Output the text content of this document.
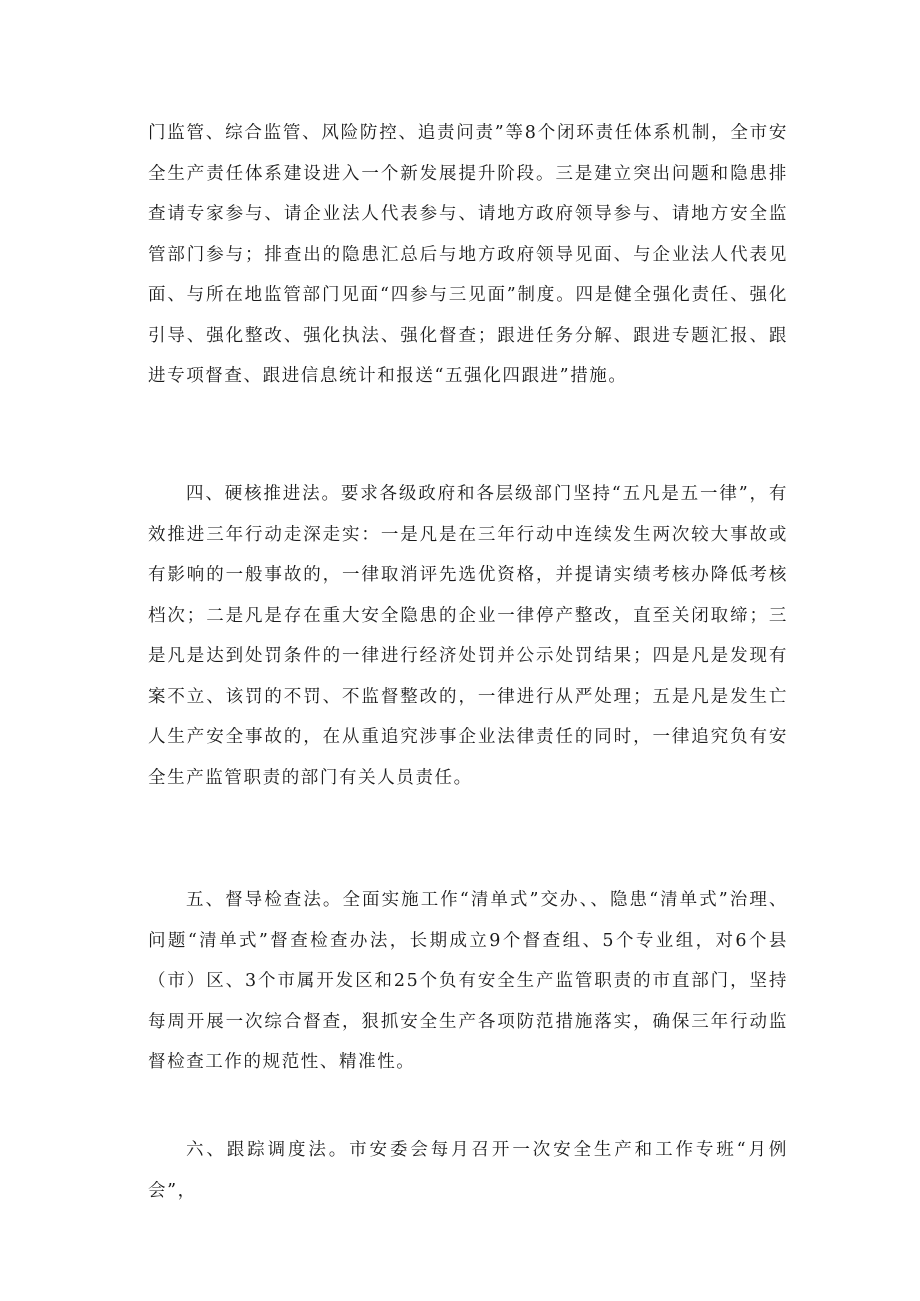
门监管、综合监管、风险防控、追责问责”等8个闭环责任体系机制，全市安全生产责任体系建设进入一个新发展提升阶段。三是建立突出问题和隐患排查请专家参与、请企业法人代表参与、请地方政府领导参与、请地方安全监管部门参与；排查出的隐患汇总后与地方政府领导见面、与企业法人代表见面、与所在地监管部门见面“四参与三见面”制度。四是健全强化责任、强化引导、强化整改、强化执法、强化督查；跟进任务分解、跟进专题汇报、跟进专项督查、跟进信息统计和报送“五强化四跟进”措施。

四、硬核推进法。要求各级政府和各层级部门坚持“五凡是五一律”，有效推进三年行动走深走实：一是凡是在三年行动中连续发生两次较大事故或有影响的一般事故的，一律取消评先选优资格，并提请实绩考核办降低考核档次；二是凡是存在重大安全隐患的企业一律停产整改，直至关闭取缔；三是凡是达到处罚条件的一律进行经济处罚并公示处罚结果；四是凡是发现有案不立、该罚的不罚、不监督整改的，一律进行从严处理；五是凡是发生亡人生产安全事故的，在从重追究涉事企业法律责任的同时，一律追究负有安全生产监管职责的部门有关人员责任。

五、督导检查法。全面实施工作“清单式”交办、、隐患“清单式”治理、问题“清单式”督查检查办法，长期成立9个督查组、5个专业组，对6个县（市）区、3个市属开发区和25个负有安全生产监管职责的市直部门，坚持每周开展一次综合督查，狠抓安全生产各项防范措施落实，确保三年行动监督检查工作的规范性、精准性。

六、跟踪调度法。市安委会每月召开一次安全生产和工作专班“月例会”，
